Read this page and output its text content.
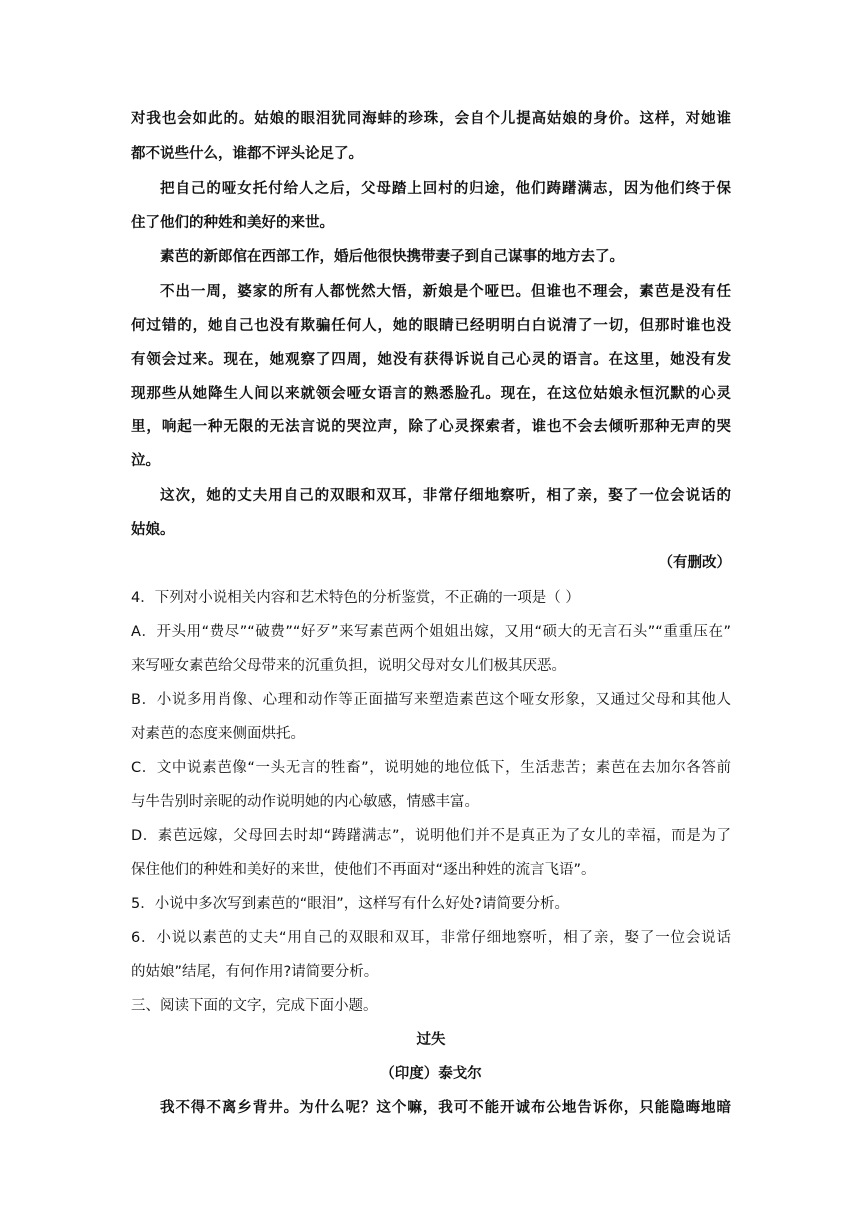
对我也会如此的。姑娘的眼泪犹同海蚌的珍珠，会自个儿提高姑娘的身价。这样，对她谁
都不说些什么，谁都不评头论足了。
把自己的哑女托付给人之后，父母踏上回村的归途，他们踌躇满志，因为他们终于保
住了他们的种姓和美好的来世。
素芭的新郎倌在西部工作，婚后他很快携带妻子到自己谋事的地方去了。
不出一周，婆家的所有人都恍然大悟，新娘是个哑巴。但谁也不理会，素芭是没有任
何过错的，她自己也没有欺骗任何人，她的眼睛已经明明白白说清了一切，但那时谁也没
有领会过来。现在，她观察了四周，她没有获得诉说自己心灵的语言。在这里，她没有发
现那些从她降生人间以来就领会哑女语言的熟悉脸孔。现在，在这位姑娘永恒沉默的心灵
里，响起一种无限的无法言说的哭泣声，除了心灵探索者，谁也不会去倾听那种无声的哭
泣。
这次，她的丈夫用自己的双眼和双耳，非常仔细地察听，相了亲，娶了一位会说话的
姑娘。
（有删改）
4．下列对小说相关内容和艺术特色的分析鉴赏，不正确的一项是（ ）
A．开头用“费尽”“破费”“好歹”来写素芭两个姐姐出嫁，又用“硕大的无言石头”“重重压在”
来写哑女素芭给父母带来的沉重负担，说明父母对女儿们极其厌恶。
B．小说多用肖像、心理和动作等正面描写来塑造素芭这个哑女形象，又通过父母和其他人
对素芭的态度来侧面烘托。
C．文中说素芭像“一头无言的牲畜”，说明她的地位低下，生活悲苦；素芭在去加尔各答前
与牛告别时亲昵的动作说明她的内心敏感，情感丰富。
D．素芭远嫁，父母回去时却“踌躇满志”，说明他们并不是真正为了女儿的幸福，而是为了
保住他们的种姓和美好的来世，使他们不再面对“逐出种姓的流言飞语”。
5．小说中多次写到素芭的“眼泪”，这样写有什么好处?请简要分析。
6．小说以素芭的丈夫“用自己的双眼和双耳，非常仔细地察听，相了亲，娶了一位会说话
的姑娘”结尾，有何作用?请简要分析。
三、阅读下面的文字，完成下面小题。
过失
（印度）泰戈尔
我不得不离乡背井。为什么呢？这个嘛，我可不能开诚布公地告诉你，只能隐晦地暗
